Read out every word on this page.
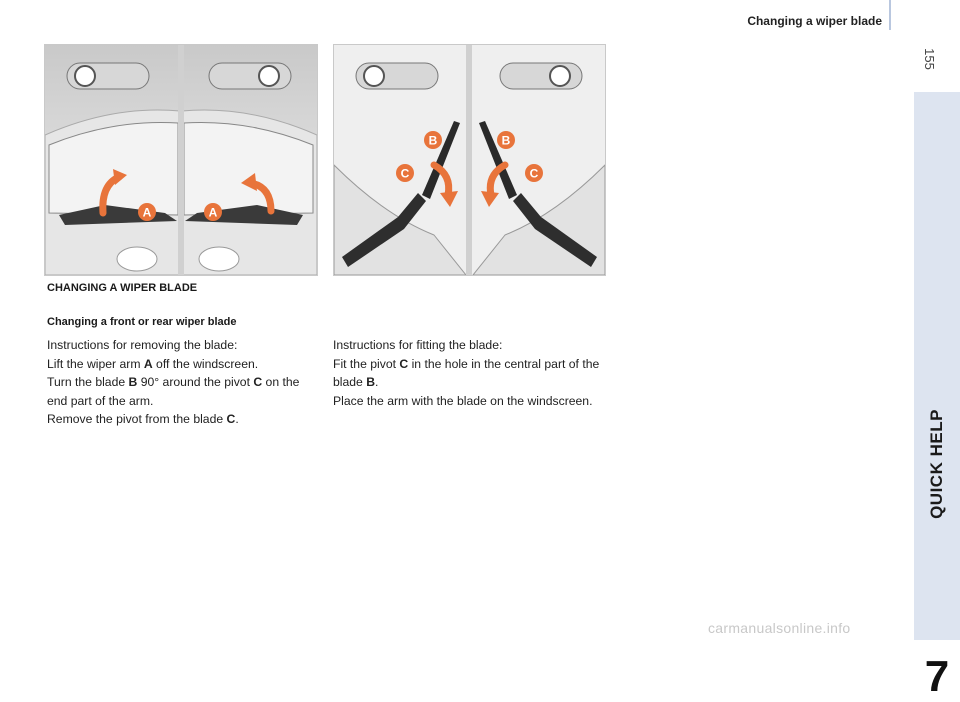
Changing a wiper blade
155
QUICK HELP
7
A	A
B
C
B
C
CHANGING A WIPER BLADE
Changing a front or rear wiper blade

Instructions for removing the blade:

Lift the wiper arm A off the windscreen.

Turn the blade B 90° around the pivot C on the end part of the arm.

Remove the pivot from the blade C.

Instructions for fitting the blade:

Fit the pivot C in the hole in the central part of the blade B.

Place the arm with the blade on the windscreen.

carmanualsonline.info
